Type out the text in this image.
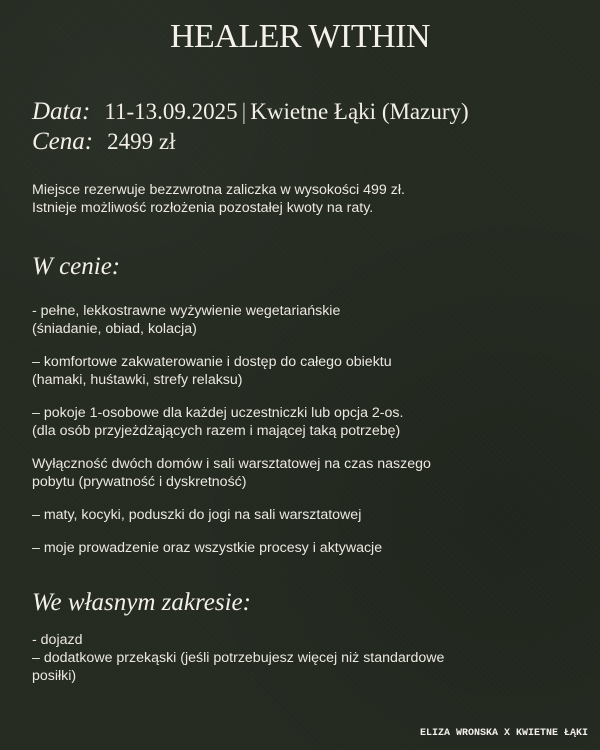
HEALER WITHIN
Data: 11-13.09.2025 | Kwietne Łąki (Mazury)
Cena: 2499 zł
Miejsce rezerwuje bezzwrotna zaliczka w wysokości 499 zł.
Istnieje możliwość rozłożenia pozostałej kwoty na raty.
W cenie:
- pełne, lekkostrawne wyżywienie wegetariańskie
(śniadanie, obiad, kolacja)
– komfortowe zakwaterowanie i dostęp do całego obiektu
(hamaki, huśtawki, strefy relaksu)
– pokoje 1-osobowe dla każdej uczestniczki lub opcja 2-os.
(dla osób przyjeżdżających razem i mającej taką potrzebę)
Wyłączność dwóch domów i sali warsztatowej na czas naszego
pobytu (prywatność i dyskretność)
– maty, kocyki, poduszki do jogi na sali warsztatowej
– moje prowadzenie oraz wszystkie procesy i aktywacje
We własnym zakresie:
- dojazd
– dodatkowe przekąski (jeśli potrzebujesz więcej niż standardowe
posiłki)
ELIZA WRONSKA X KWIETNE ŁĄKI
